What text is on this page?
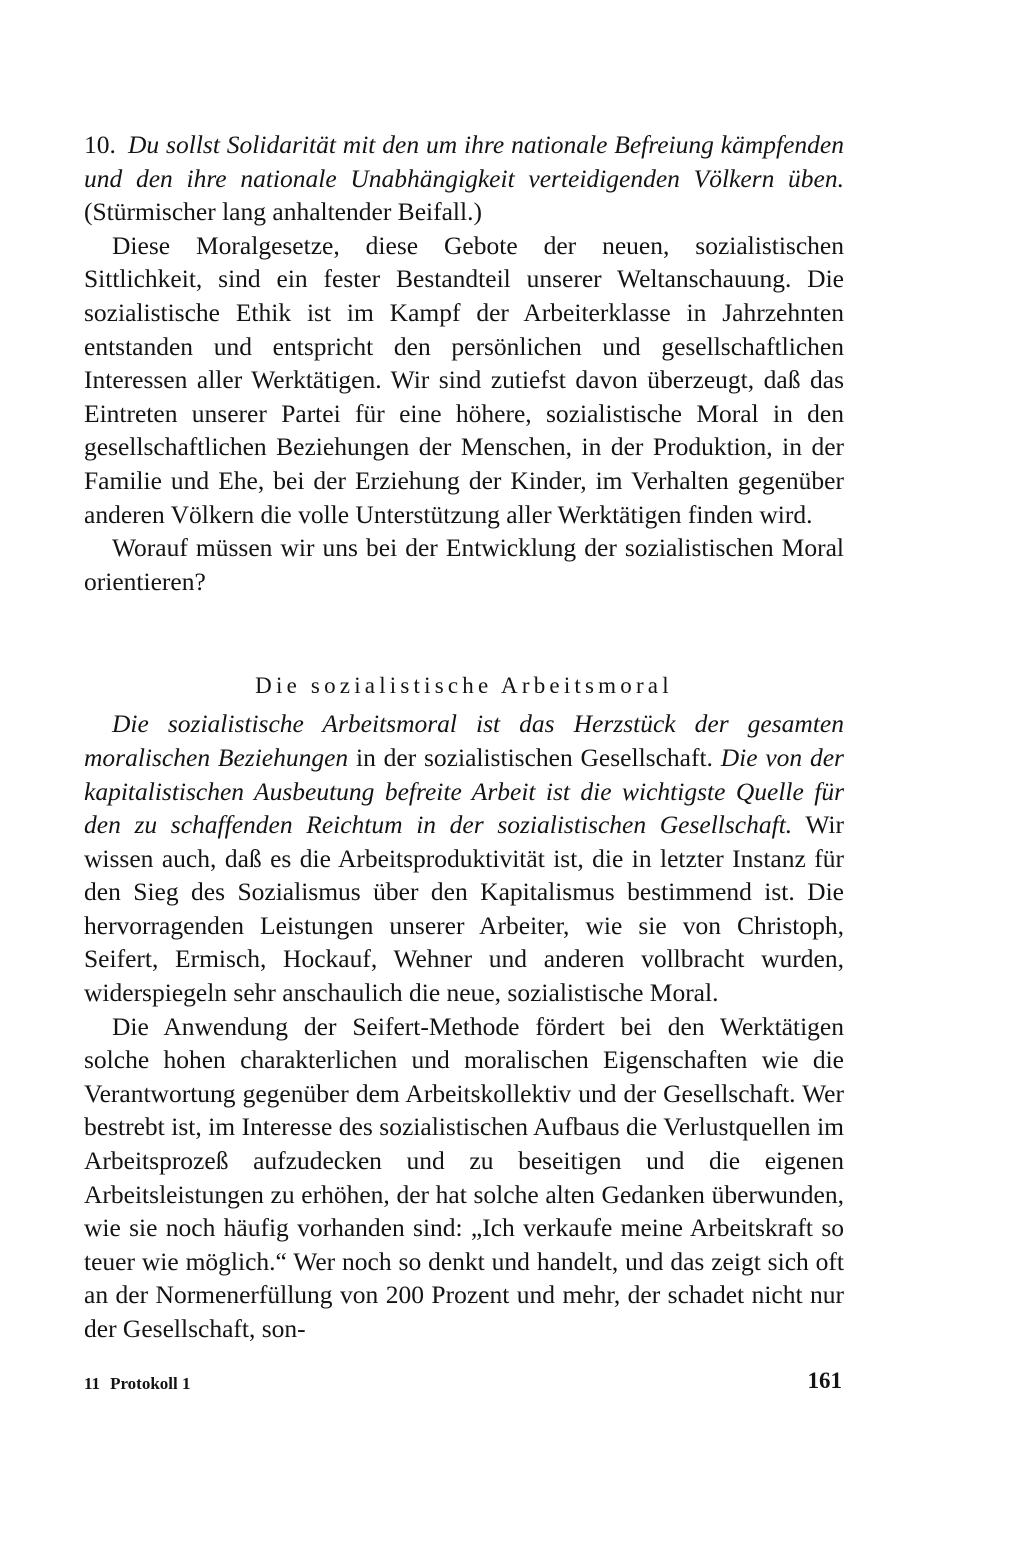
10. Du sollst Solidarität mit den um ihre nationale Befreiung kämpfenden und den ihre nationale Unabhängigkeit verteidigenden Völkern üben. (Stürmischer lang anhaltender Beifall.)

Diese Moralgesetze, diese Gebote der neuen, sozialistischen Sittlichkeit, sind ein fester Bestandteil unserer Weltanschauung. Die sozialistische Ethik ist im Kampf der Arbeiterklasse in Jahrzehnten entstanden und entspricht den persönlichen und gesellschaftlichen Interessen aller Werktätigen. Wir sind zutiefst davon überzeugt, daß das Eintreten unserer Partei für eine höhere, sozialistische Moral in den gesellschaftlichen Beziehungen der Menschen, in der Produktion, in der Familie und Ehe, bei der Erziehung der Kinder, im Verhalten gegenüber anderen Völkern die volle Unterstützung aller Werktätigen finden wird.

Worauf müssen wir uns bei der Entwicklung der sozialistischen Moral orientieren?

Die sozialistische Arbeitsmoral

Die sozialistische Arbeitsmoral ist das Herzstück der gesamten moralischen Beziehungen in der sozialistischen Gesellschaft. Die von der kapitalistischen Ausbeutung befreite Arbeit ist die wichtigste Quelle für den zu schaffenden Reichtum in der sozialistischen Gesellschaft. Wir wissen auch, daß es die Arbeitsproduktivität ist, die in letzter Instanz für den Sieg des Sozialismus über den Kapitalismus bestimmend ist. Die hervorragenden Leistungen unserer Arbeiter, wie sie von Christoph, Seifert, Ermisch, Hockauf, Wehner und anderen vollbracht wurden, widerspiegeln sehr anschaulich die neue, sozialistische Moral.

Die Anwendung der Seifert-Methode fördert bei den Werktätigen solche hohen charakterlichen und moralischen Eigenschaften wie die Verantwortung gegenüber dem Arbeitskollektiv und der Gesellschaft. Wer bestrebt ist, im Interesse des sozialistischen Aufbaus die Verlustquellen im Arbeitsprozeß aufzudecken und zu beseitigen und die eigenen Arbeitsleistungen zu erhöhen, der hat solche alten Gedanken überwunden, wie sie noch häufig vorhanden sind: „Ich verkaufe meine Arbeitskraft so teuer wie möglich.“ Wer noch so denkt und handelt, und das zeigt sich oft an der Normenerfüllung von 200 Prozent und mehr, der schadet nicht nur der Gesellschaft, son-

11 Protokoll 1	161
